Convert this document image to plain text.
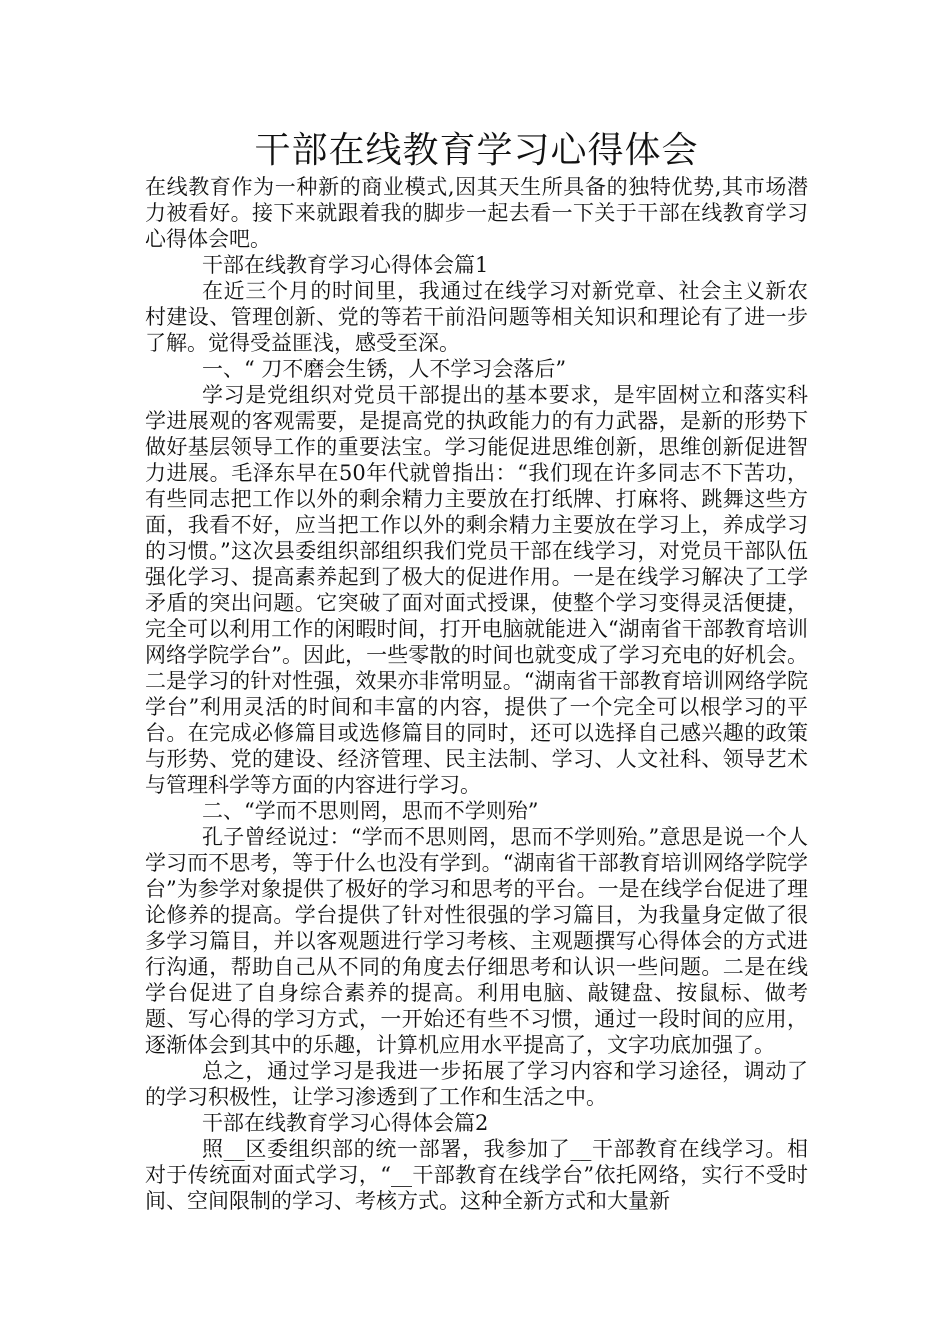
干部在线教育学习心得体会

在线教育作为一种新的商业模式,因其天生所具备的独特优势,其市场潜力被看好。接下来就跟着我的脚步一起去看一下关于干部在线教育学习心得体会吧。

干部在线教育学习心得体会篇1

在近三个月的时间里，我通过在线学习对新党章、社会主义新农村建设、管理创新、党的等若干前沿问题等相关知识和理论有了进一步了解。觉得受益匪浅，感受至深。

一、“ 刀不磨会生锈，人不学习会落后”

学习是党组织对党员干部提出的基本要求，是牢固树立和落实科学进展观的客观需要，是提高党的执政能力的有力武器，是新的形势下做好基层领导工作的重要法宝。学习能促进思维创新，思维创新促进智力进展。毛泽东早在50年代就曾指出：“我们现在许多同志不下苦功，有些同志把工作以外的剩余精力主要放在打纸牌、打麻将、跳舞这些方面，我看不好，应当把工作以外的剩余精力主要放在学习上，养成学习的习惯。”这次县委组织部组织我们党员干部在线学习，对党员干部队伍强化学习、提高素养起到了极大的促进作用。一是在线学习解决了工学矛盾的突出问题。它突破了面对面式授课，使整个学习变得灵活便捷，完全可以利用工作的闲暇时间，打开电脑就能进入“湖南省干部教育培训网络学院学台”。因此，一些零散的时间也就变成了学习充电的好机会。二是学习的针对性强，效果亦非常明显。“湖南省干部教育培训网络学院学台”利用灵活的时间和丰富的内容，提供了一个完全可以根学习的平台。在完成必修篇目或选修篇目的同时，还可以选择自己感兴趣的政策与形势、党的建设、经济管理、民主法制、学习、人文社科、领导艺术与管理科学等方面的内容进行学习。

二、“学而不思则罔，思而不学则殆”

孔子曾经说过：“学而不思则罔，思而不学则殆。”意思是说一个人学习而不思考，等于什么也没有学到。“湖南省干部教育培训网络学院学台”为参学对象提供了极好的学习和思考的平台。一是在线学台促进了理论修养的提高。学台提供了针对性很强的学习篇目，为我量身定做了很多学习篇目，并以客观题进行学习考核、主观题撰写心得体会的方式进行沟通，帮助自己从不同的角度去仔细思考和认识一些问题。二是在线学台促进了自身综合素养的提高。利用电脑、敲键盘、按鼠标、做考题、写心得的学习方式，一开始还有些不习惯，通过一段时间的应用，逐渐体会到其中的乐趣，计算机应用水平提高了，文字功底加强了。

总之，通过学习是我进一步拓展了学习内容和学习途径，调动了的学习积极性，让学习渗透到了工作和生活之中。

干部在线教育学习心得体会篇2

照__区委组织部的统一部署，我参加了__干部教育在线学习。相对于传统面对面式学习，“__干部教育在线学台”依托网络，实行不受时间、空间限制的学习、考核方式。这种全新方式和大量新
